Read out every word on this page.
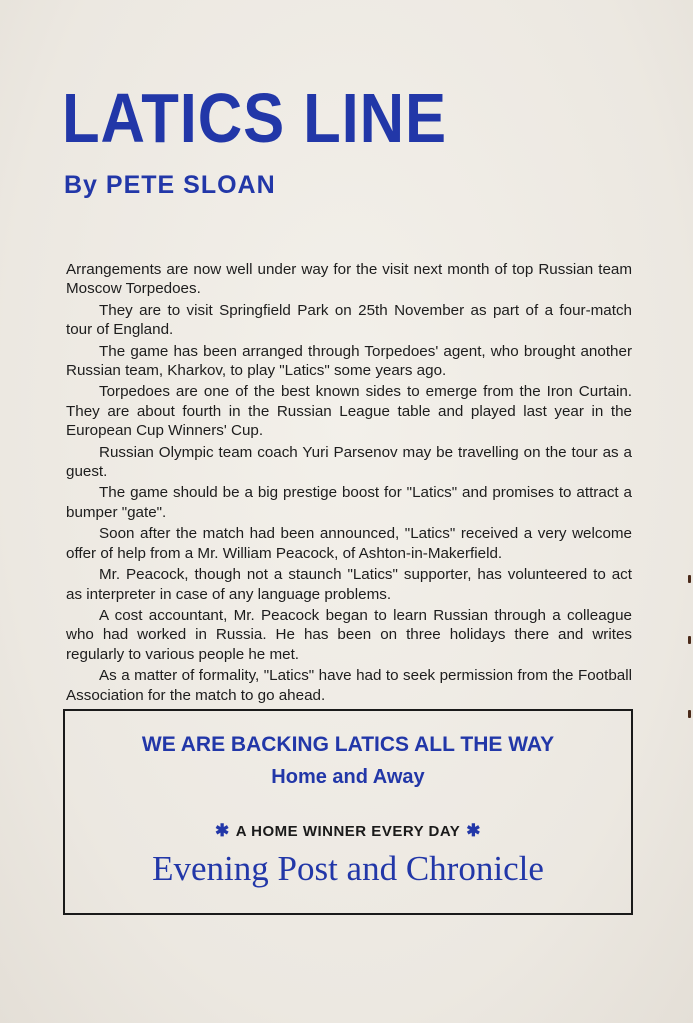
LATICS LINE
By PETE SLOAN

Arrangements are now well under way for the visit next month of top Russian team Moscow Torpedoes.

They are to visit Springfield Park on 25th November as part of a four-match tour of England.

The game has been arranged through Torpedoes' agent, who brought another Russian team, Kharkov, to play "Latics" some years ago.

Torpedoes are one of the best known sides to emerge from the Iron Curtain. They are about fourth in the Russian League table and played last year in the European Cup Winners' Cup.

Russian Olympic team coach Yuri Parsenov may be travelling on the tour as a guest.

The game should be a big prestige boost for "Latics" and promises to attract a bumper "gate".

Soon after the match had been announced, "Latics" received a very welcome offer of help from a Mr. William Peacock, of Ashton-in-Makerfield.

Mr. Peacock, though not a staunch "Latics" supporter, has volunteered to act as interpreter in case of any language problems.

A cost accountant, Mr. Peacock began to learn Russian through a colleague who had worked in Russia. He has been on three holidays there and writes regularly to various people he met.

As a matter of formality, "Latics" have had to seek permission from the Football Association for the match to go ahead.

WE ARE BACKING LATICS ALL THE WAY
Home and Away
✱ A HOME WINNER EVERY DAY ✱
Evening Post and Chronicle
